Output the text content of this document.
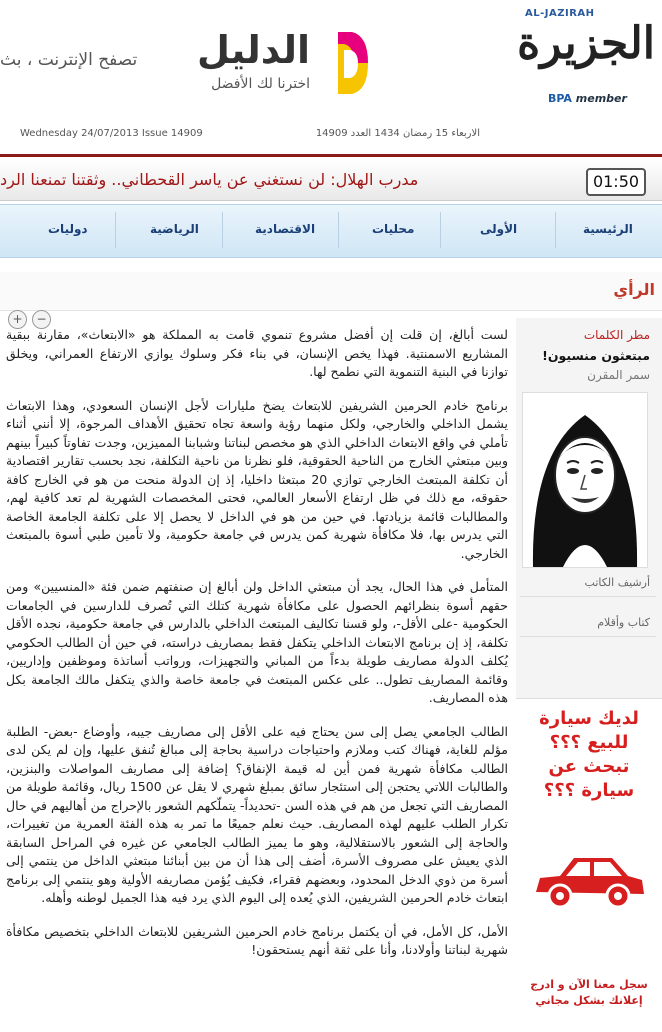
تصفح الإنترنت ، بث	الدليل
اخترنا لك الأفضل
AL-JAZIRAH
الجزيرة
BPA member
Wednesday 24/07/2013 Issue 14909	الاربعاء 15 رمضان 1434 العدد 14909
مدرب الهلال: لن نستغني عن ياسر القحطاني.. وثقتنا تمنعنا الرد	01:50
الرئيسية
الأولى
محليات
الاقتصادية
الرياضية
دوليات
الرأي
+	−

لست أبالغ، إن قلت إن أفضل مشروع تنموي قامت به المملكة هو «الابتعاث»، مقارنة ببقية المشاريع الاسمنتية. فهذا يخص الإنسان، في بناء فكر وسلوك يوازي الارتفاع العمراني، ويخلق توازنا في البنية التنموية التي نطمح لها.

برنامج خادم الحرمين الشريفين للابتعاث يضخ مليارات لأجل الإنسان السعودي، وهذا الابتعاث يشمل الداخلي والخارجي، ولكل منهما رؤية واسعة تجاه تحقيق الأهداف المرجوة، إلا أنني أثناء تأملي في واقع الابتعاث الداخلي الذي هو مخصص لبناتنا وشبابنا المميزين، وجدت تفاوتاً كبيراً بينهم وبين مبتعثي الخارج من الناحية الحقوقية، فلو نظرنا من ناحية التكلفة، نجد بحسب تقارير اقتصادية أن تكلفة المبتعث الخارجي توازي 20 مبتعثا داخليا، إذ إن الدولة منحت من هو في الخارج كافة حقوقه، مع ذلك في ظل ارتفاع الأسعار العالمي، فحتى المخصصات الشهرية لم تعد كافية لهم، والمطالبات قائمة بزيادتها. في حين من هو في الداخل لا يحصل إلا على تكلفة الجامعة الخاصة التي يدرس بها، فلا مكافأة شهرية كمن يدرس في جامعة حكومية، ولا تأمين طبي أسوة بالمبتعث الخارجي.

المتأمل في هذا الحال، يجد أن مبتعثي الداخل ولن أبالغ إن صنفتهم ضمن فئة «المنسيين» ومن حقهم أسوة بنظرائهم الحصول على مكافأة شهرية كتلك التي تُصرف للدارسين في الجامعات الحكومية -على الأقل-، ولو قسنا تكاليف المبتعث الداخلي بالدارس في جامعة حكومية، نجده الأقل تكلفة، إذ إن برنامج الابتعاث الداخلي يتكفل فقط بمصاريف دراسته، في حين أن الطالب الحكومي يُكلف الدولة مصاريف طويلة بدءاً من المباني والتجهيزات، ورواتب أساتذة وموظفين وإداريين، وقائمة المصاريف تطول.. على عكس المبتعث في جامعة خاصة والذي يتكفل مالك الجامعة بكل هذه المصاريف.

الطالب الجامعي يصل إلى سن يحتاج فيه على الأقل إلى مصاريف جيبه، وأوضاع -بعض- الطلبة مؤلم للغاية، فهناك كتب وملازم واحتياجات دراسية بحاجة إلى مبالغ تُنفق عليها، وإن لم يكن لدى الطالب مكافأة شهرية فمن أين له قيمة الإنفاق؟ إضافة إلى مصاريف المواصلات والبنزين، والطالبات اللاتي يحتجن إلى استئجار سائق بمبلغ شهري لا يقل عن 1500 ريال، وقائمة طويلة من المصاريف التي تجعل من هم في هذه السن -تحديداً- يتملّكهم الشعور بالإحراج من أهاليهم في حال تكرار الطلب عليهم لهذه المصاريف. حيث نعلم جميعًا ما تمر به هذه الفئة العمرية من تغييرات، والحاجة إلى الشعور بالاستقلالية، وهو ما يميز الطالب الجامعي عن غيره في المراحل السابقة الذي يعيش على مصروف الأسرة، أضف إلى هذا أن من بين أبنائنا مبتعثي الداخل من ينتمي إلى أسرة من ذوي الدخل المحدود، وبعضهم فقراء، فكيف يُؤمن مصاريفه الأولية وهو ينتمي إلى برنامج ابتعاث خادم الحرمين الشريفين، الذي يُعده إلى اليوم الذي يرد فيه هذا الجميل لوطنه وأهله.

الأمل، كل الأمل، في أن يكتمل برنامج خادم الحرمين الشريفين للابتعاث الداخلي بتخصيص مكافأة شهرية لبناتنا وأولادنا، وأنا على ثقة أنهم يستحقون!

مطر الكلمات
مبتعثون منسيون!
سمر المقرن
أرشيف الكاتب
كتاب وأقلام
لديك سيارة
للبيع ؟؟؟
تبحث عن
سيارة ؟؟؟
سجل معنا الآن و ادرج
إعلانك بشكل مجاني
